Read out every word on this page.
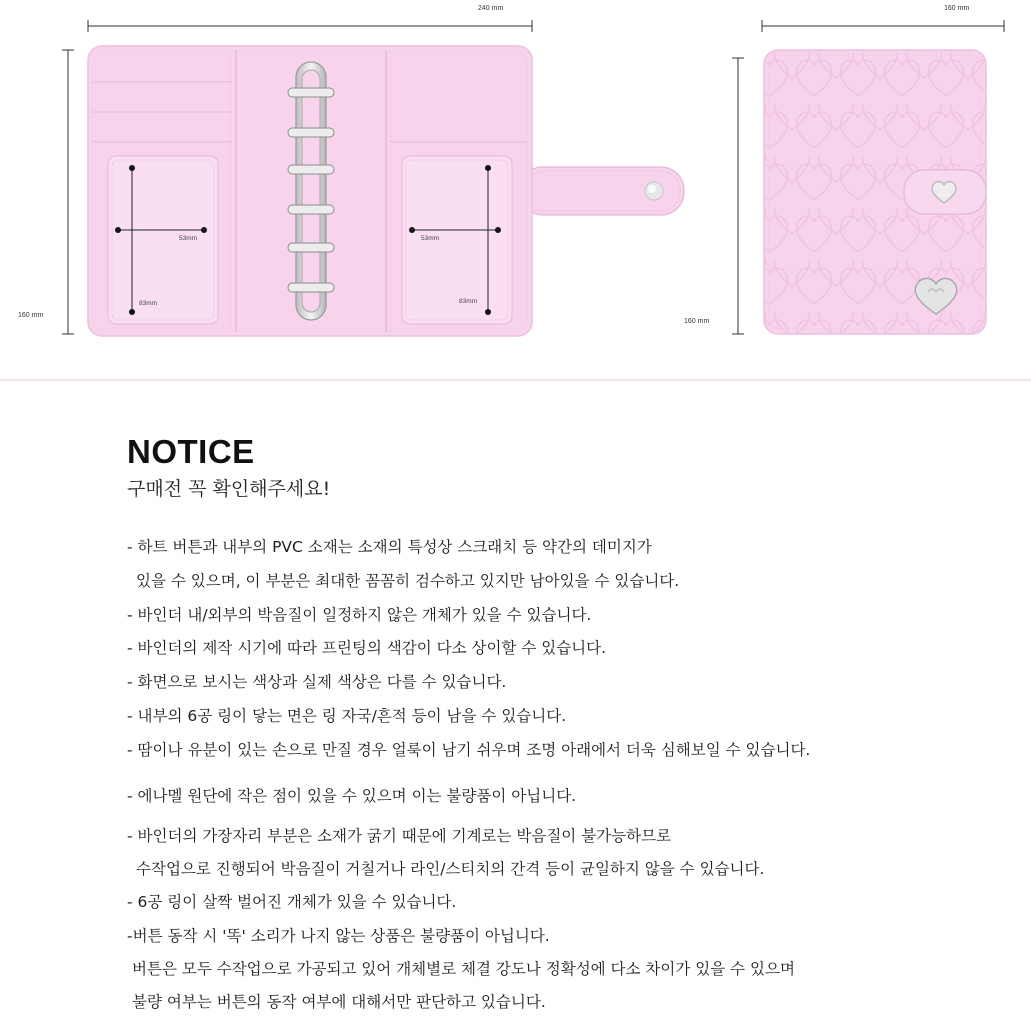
240 mm
160 mm
53mm
83mm
53mm
83mm
160 mm
160 mm
NOTICE

구매전 꼭 확인해주세요!

- 하트 버튼과 내부의 PVC 소재는 소재의 특성상 스크래치 등 약간의 데미지가
있을 수 있으며, 이 부분은 최대한 꼼꼼히 검수하고 있지만 남아있을 수 있습니다.
- 바인더 내/외부의 박음질이 일정하지 않은 개체가 있을 수 있습니다.
- 바인더의 제작 시기에 따라 프린팅의 색감이 다소 상이할 수 있습니다.
- 화면으로 보시는 색상과 실제 색상은 다를 수 있습니다.
- 내부의 6공 링이 닿는 면은 링 자국/흔적 등이 남을 수 있습니다.
- 땀이나 유분이 있는 손으로 만질 경우 얼룩이 남기 쉬우며 조명 아래에서 더욱 심해보일 수 있습니다.
- 에나멜 원단에 작은 점이 있을 수 있으며 이는 불량품이 아닙니다.
- 바인더의 가장자리 부분은 소재가 굵기 때문에 기계로는 박음질이 불가능하므로
수작업으로 진행되어 박음질이 거칠거나 라인/스티치의 간격 등이 균일하지 않을 수 있습니다.
- 6공 링이 살짝 벌어진 개체가 있을 수 있습니다.
-버튼 동작 시 '똑' 소리가 나지 않는 상품은 불량품이 아닙니다.
버튼은 모두 수작업으로 가공되고 있어 개체별로 체결 강도나 정확성에 다소 차이가 있을 수 있으며
불량 여부는 버튼의 동작 여부에 대해서만 판단하고 있습니다.
